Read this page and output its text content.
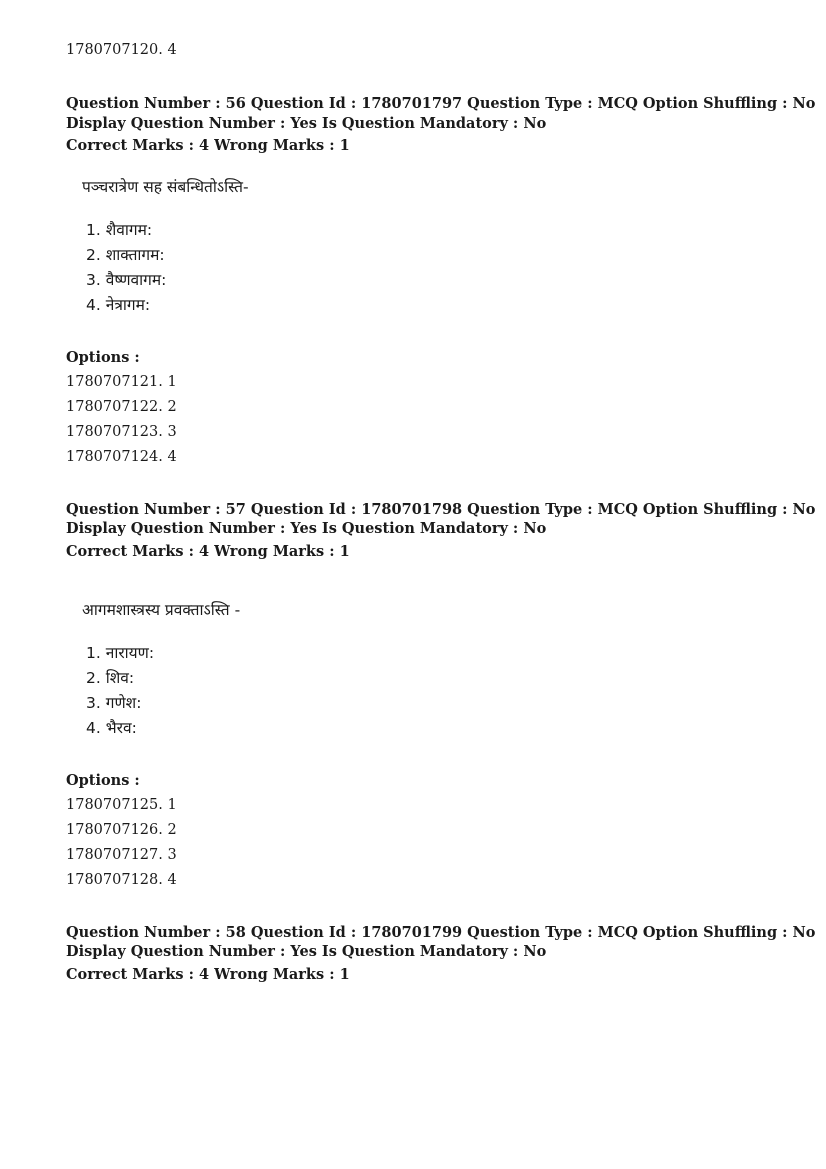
1780707120. 4
Question Number : 56 Question Id : 1780701797 Question Type : MCQ Option Shuffling : No
Display Question Number : Yes Is Question Mandatory : No
Correct Marks : 4 Wrong Marks : 1
पञ्चरात्रेण सह संबन्धितोऽस्ति-
1. शैवागम:
2. शाक्तागम:
3. वैष्णवागम:
4. नेत्रागम:
Options :
1780707121. 1
1780707122. 2
1780707123. 3
1780707124. 4
Question Number : 57 Question Id : 1780701798 Question Type : MCQ Option Shuffling : No
Display Question Number : Yes Is Question Mandatory : No
Correct Marks : 4 Wrong Marks : 1
आगमशास्त्रस्य प्रवक्ताऽस्ति -
1. नारायण:
2. शिव:
3. गणेश:
4. भैरव:
Options :
1780707125. 1
1780707126. 2
1780707127. 3
1780707128. 4
Question Number : 58 Question Id : 1780701799 Question Type : MCQ Option Shuffling : No
Display Question Number : Yes Is Question Mandatory : No
Correct Marks : 4 Wrong Marks : 1
